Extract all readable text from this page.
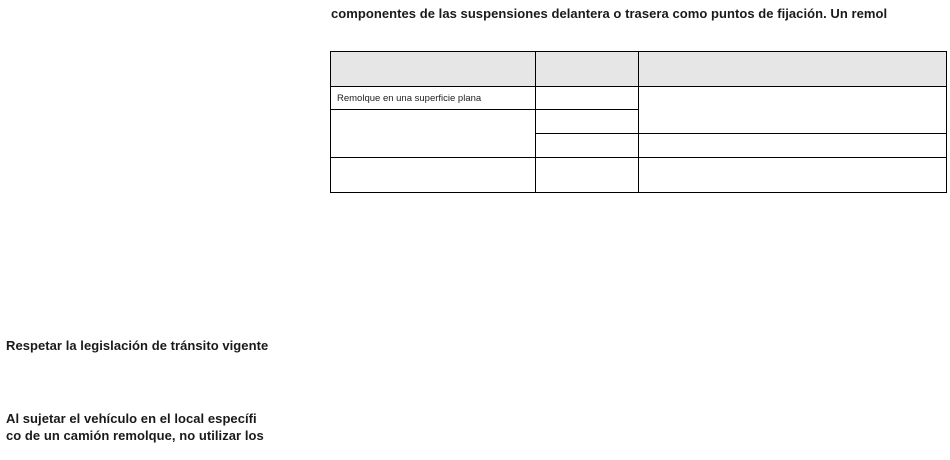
componentes de las suspensiones delantera o trasera como puntos de fijación. Un remol

Remolque en una superficie plana		

Respetar la legislación de tránsito vigente
Al sujetar el vehículo en el local específi
co de un camión remolque, no utilizar los
